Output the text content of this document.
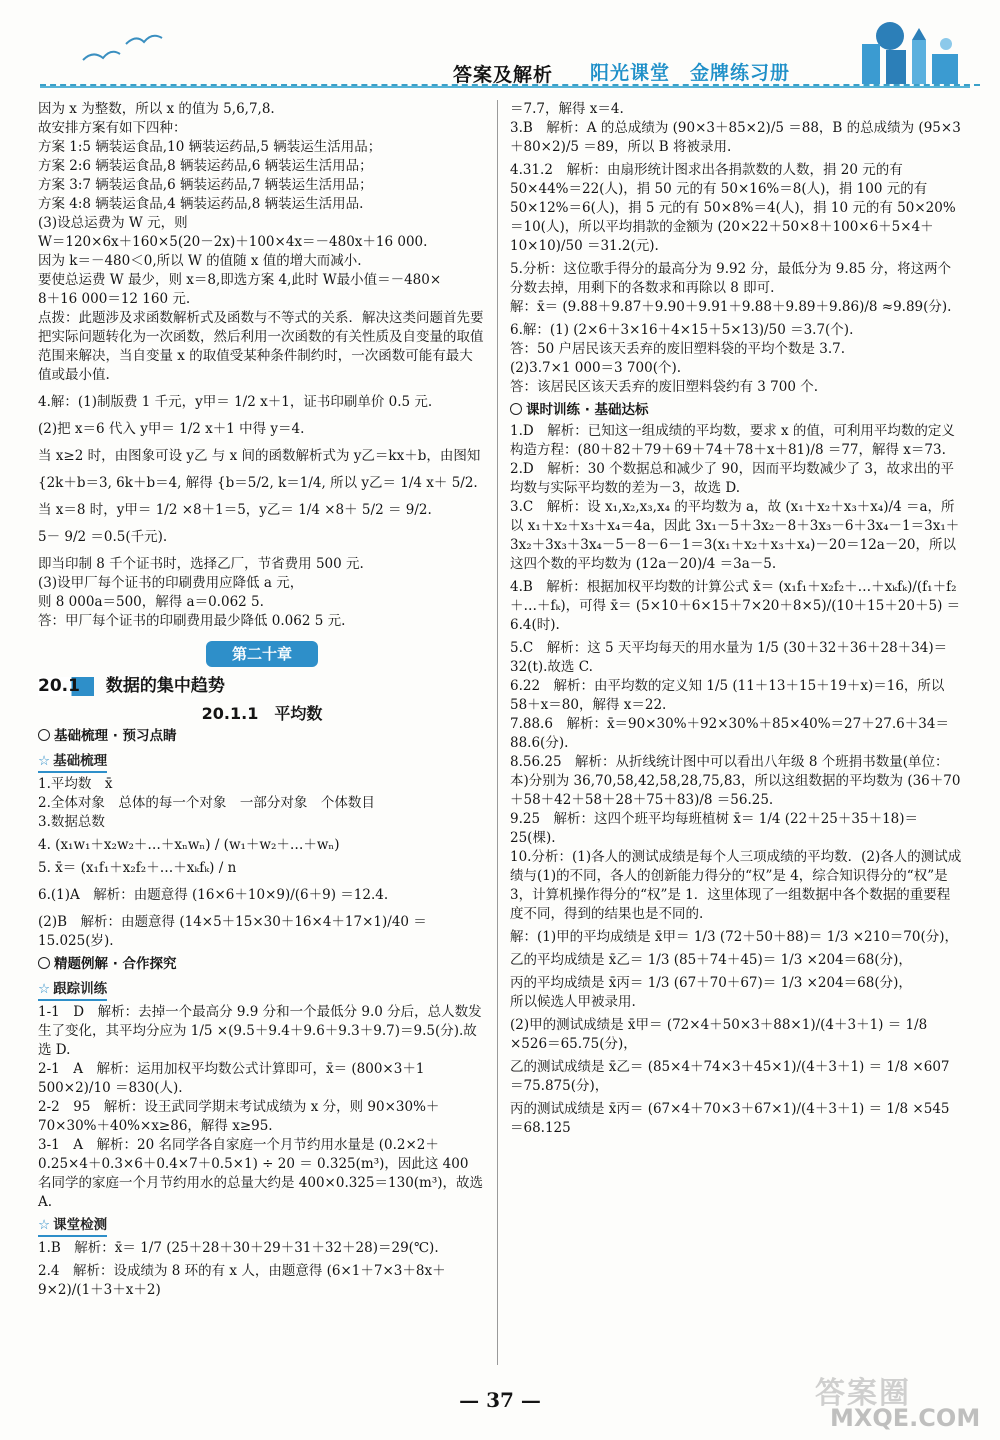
答案及解析 阳光课堂　金牌练习册

因为 x 为整数，所以 x 的值为 5,6,7,8.

故安排方案有如下四种：

方案 1:5 辆装运食品,10 辆装运药品,5 辆装运生活用品；

方案 2:6 辆装运食品,8 辆装运药品,6 辆装运生活用品；

方案 3:7 辆装运食品,6 辆装运药品,7 辆装运生活用品；

方案 4:8 辆装运食品,4 辆装运药品,8 辆装运生活用品.

(3)设总运费为 W 元，则

W＝120×6x＋160×5(20－2x)＋100×4x＝－480x＋16 000.

因为 k＝－480＜0,所以 W 的值随 x 值的增大而减小.

要使总运费 W 最少，则 x＝8,即选方案 4,此时 W最小值＝－480×

8＋16 000＝12 160 元.

点拨：此题涉及求函数解析式及函数与不等式的关系．解决这类问题首先要把实际问题转化为一次函数，然后利用一次函数的有关性质及自变量的取值范围来解决，当自变量 x 的取值受某种条件制约时，一次函数可能有最大值或最小值.

4.解：(1)制版费 1 千元，y甲＝ 1/2 x＋1，证书印刷单价 0.5 元.

(2)把 x＝6 代入 y甲＝ 1/2 x＋1 中得 y＝4.

当 x≥2 时，由图象可设 y乙 与 x 间的函数解析式为 y乙＝kx＋b，由图知

{2k＋b＝3, 6k＋b＝4, 解得 {b＝5/2, k＝1/4, 所以 y乙＝ 1/4 x＋ 5/2.

当 x＝8 时，y甲＝ 1/2 ×8＋1＝5，y乙＝ 1/4 ×8＋ 5/2 ＝ 9/2.

5－ 9/2 ＝0.5(千元).

即当印制 8 千个证书时，选择乙厂，节省费用 500 元.

(3)设甲厂每个证书的印刷费用应降低 a 元，

则 8 000a＝500，解得 a＝0.062 5.

答：甲厂每个证书的印刷费用最少降低 0.062 5 元.

第二十章
20.1 数据的集中趋势
20.1.1　平均数
基础梳理 · 预习点睛
☆ 基础梳理

1.平均数　x̄

2.全体对象　总体的每一个对象　一部分对象　个体数目

3.数据总数

4. (x₁w₁＋x₂w₂＋…＋xₙwₙ) / (w₁＋w₂＋…＋wₙ)

5. x̄＝ (x₁f₁＋x₂f₂＋…＋xₖfₖ) / n

6.(1)A　解析：由题意得 (16×6＋10×9)/(6＋9) ＝12.4.

(2)B　解析：由题意得 (14×5＋15×30＋16×4＋17×1)/40 ＝15.025(岁).

精题例解 · 合作探究
☆ 跟踪训练

1-1　D　解析：去掉一个最高分 9.9 分和一个最低分 9.0 分后，总人数发生了变化，其平均分应为 1/5 ×(9.5＋9.4＋9.6＋9.3＋9.7)＝9.5(分).故选 D.

2-1　A　解析：运用加权平均数公式计算即可，x̄＝ (800×3＋1 500×2)/10 ＝830(人).

2-2　95　解析：设王武同学期末考试成绩为 x 分，则 90×30%＋70×30%＋40%×x≥86，解得 x≥95.

3-1　A　解析：20 名同学各自家庭一个月节约用水量是 (0.2×2＋0.25×4＋0.3×6＋0.4×7＋0.5×1) ÷ 20 ＝ 0.325(m³)，因此这 400 名同学的家庭一个月节约用水的总量大约是 400×0.325＝130(m³)，故选 A.

☆ 课堂检测

1.B　解析：x̄＝ 1/7 (25＋28＋30＋29＋31＋32＋28)＝29(℃).

2.4　解析：设成绩为 8 环的有 x 人，由题意得 (6×1＋7×3＋8x＋9×2)/(1＋3＋x＋2)

＝7.7，解得 x＝4.

3.B　解析：A 的总成绩为 (90×3＋85×2)/5 ＝88，B 的总成绩为 (95×3＋80×2)/5 ＝89，所以 B 将被录用.

4.31.2　解析：由扇形统计图求出各捐款数的人数，捐 20 元的有 50×44%＝22(人)，捐 50 元的有 50×16%＝8(人)，捐 100 元的有 50×12%＝6(人)，捐 5 元的有 50×8%＝4(人)，捐 10 元的有 50×20%＝10(人)，所以平均捐款的金额为 (20×22＋50×8＋100×6＋5×4＋10×10)/50 ＝31.2(元).

5.分析：这位歌手得分的最高分为 9.92 分，最低分为 9.85 分，将这两个分数去掉，用剩下的各数求和再除以 8 即可.

解：x̄＝ (9.88＋9.87＋9.90＋9.91＋9.88＋9.89＋9.86)/8 ≈9.89(分).

6.解：(1) (2×6＋3×16＋4×15＋5×13)/50 ＝3.7(个).

答：50 户居民该天丢弃的废旧塑料袋的平均个数是 3.7.

(2)3.7×1 000＝3 700(个).

答：该居民区该天丢弃的废旧塑料袋约有 3 700 个.

课时训练 · 基础达标

1.D　解析：已知这一组成绩的平均数，要求 x 的值，可利用平均数的定义构造方程：(80＋82＋79＋69＋74＋78＋x＋81)/8 ＝77，解得 x＝73.

2.D　解析：30 个数据总和减少了 90，因而平均数减少了 3，故求出的平均数与实际平均数的差为－3，故选 D.

3.C　解析：设 x₁,x₂,x₃,x₄ 的平均数为 a，故 (x₁＋x₂＋x₃＋x₄)/4 ＝a，所以 x₁＋x₂＋x₃＋x₄＝4a，因此 3x₁－5＋3x₂－8＋3x₃－6＋3x₄－1＝3x₁＋3x₂＋3x₃＋3x₄－5－8－6－1＝3(x₁＋x₂＋x₃＋x₄)－20＝12a－20，所以这四个数的平均数为 (12a－20)/4 ＝3a－5.

4.B　解析：根据加权平均数的计算公式 x̄＝ (x₁f₁＋x₂f₂＋…＋xₖfₖ)/(f₁＋f₂＋…＋fₖ)，可得 x̄＝ (5×10＋6×15＋7×20＋8×5)/(10＋15＋20＋5) ＝6.4(时).

5.C　解析：这 5 天平均每天的用水量为 1/5 (30＋32＋36＋28＋34)＝32(t).故选 C.

6.22　解析：由平均数的定义知 1/5 (11＋13＋15＋19＋x)＝16，所以 58＋x＝80，解得 x＝22.

7.88.6　解析：x̄＝90×30%＋92×30%＋85×40%＝27＋27.6＋34＝88.6(分).

8.56.25　解析：从折线统计图中可以看出八年级 8 个班捐书数量(单位：本)分别为 36,70,58,42,58,28,75,83，所以这组数据的平均数为 (36＋70＋58＋42＋58＋28＋75＋83)/8 ＝56.25.

9.25　解析：这四个班平均每班植树 x̄＝ 1/4 (22＋25＋35＋18)＝25(棵).

10.分析：(1)各人的测试成绩是每个人三项成绩的平均数．(2)各人的测试成绩与(1)的不同，各人的创新能力得分的“权”是 4，综合知识得分的“权”是 3，计算机操作得分的“权”是 1．这里体现了一组数据中各个数据的重要程度不同，得到的结果也是不同的.

解：(1)甲的平均成绩是 x̄甲＝ 1/3 (72＋50＋88)＝ 1/3 ×210＝70(分)，

乙的平均成绩是 x̄乙＝ 1/3 (85＋74＋45)＝ 1/3 ×204＝68(分)，

丙的平均成绩是 x̄丙＝ 1/3 (67＋70＋67)＝ 1/3 ×204＝68(分)，

所以候选人甲被录用.

(2)甲的测试成绩是 x̄甲＝ (72×4＋50×3＋88×1)/(4＋3＋1) ＝ 1/8 ×526＝65.75(分)，

乙的测试成绩是 x̄乙＝ (85×4＋74×3＋45×1)/(4＋3＋1) ＝ 1/8 ×607＝75.875(分)，

丙的测试成绩是 x̄丙＝ (67×4＋70×3＋67×1)/(4＋3＋1) ＝ 1/8 ×545＝68.125

— 37 —	答案圈
MXQE.COM
